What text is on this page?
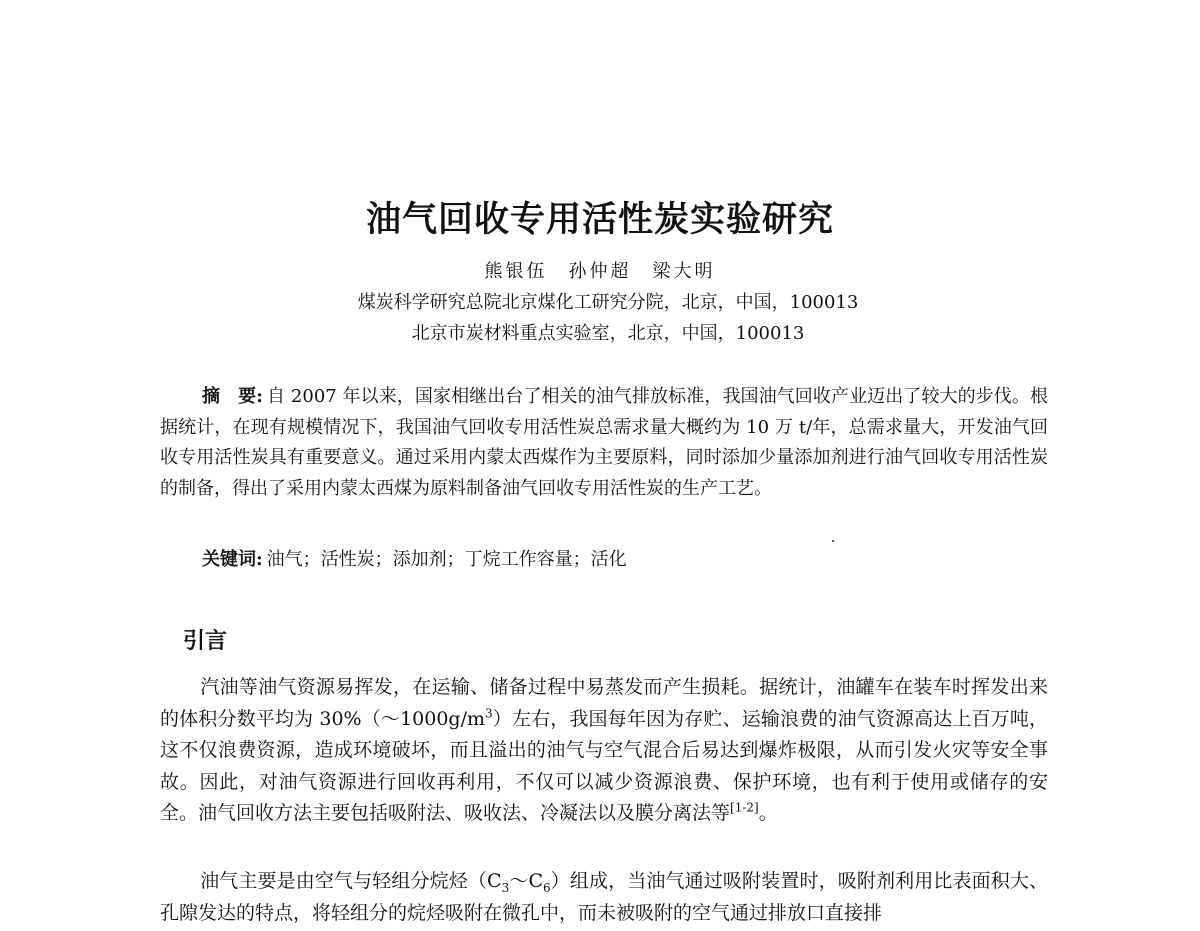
油气回收专用活性炭实验研究

熊银伍　孙仲超　梁大明

煤炭科学研究总院北京煤化工研究分院，北京，中国，100013

北京市炭材料重点实验室，北京，中国，100013

摘　要: 自 2007 年以来，国家相继出台了相关的油气排放标准，我国油气回收产业迈出了较大的步伐。根据统计，在现有规模情况下，我国油气回收专用活性炭总需求量大概约为 10 万 t/年，总需求量大，开发油气回收专用活性炭具有重要意义。通过采用内蒙太西煤作为主要原料，同时添加少量添加剂进行油气回收专用活性炭的制备，得出了采用内蒙太西煤为原料制备油气回收专用活性炭的生产工艺。

关键词: 油气；活性炭；添加剂；丁烷工作容量；活化

引言

汽油等油气资源易挥发，在运输、储备过程中易蒸发而产生损耗。据统计，油罐车在装车时挥发出来的体积分数平均为 $30\%(\sim 1000g/m^3)$左右，我国每年因为存贮、运输浪费的油气资源高达上百万吨，这不仅浪费资源，造成环境破坏，而且溢出的油气与空气混合后易达到爆炸极限，从而引发火灾等安全事故。因此，对油气资源进行回收再利用，不仅可以减少资源浪费、保护环境，也有利于使用或储存的安全。油气回收方法主要包括吸附法、吸收法、冷凝法以及膜分离法等[1-2]。

油气主要是由空气与轻组分烷烃$(C_3\sim C_6)$组成，当油气通过吸附装置时，吸附剂利用比表面积大、孔隙发达的特点，将轻组分的烷烃吸附在微孔中，而未被吸附的空气通过排放口直接排
